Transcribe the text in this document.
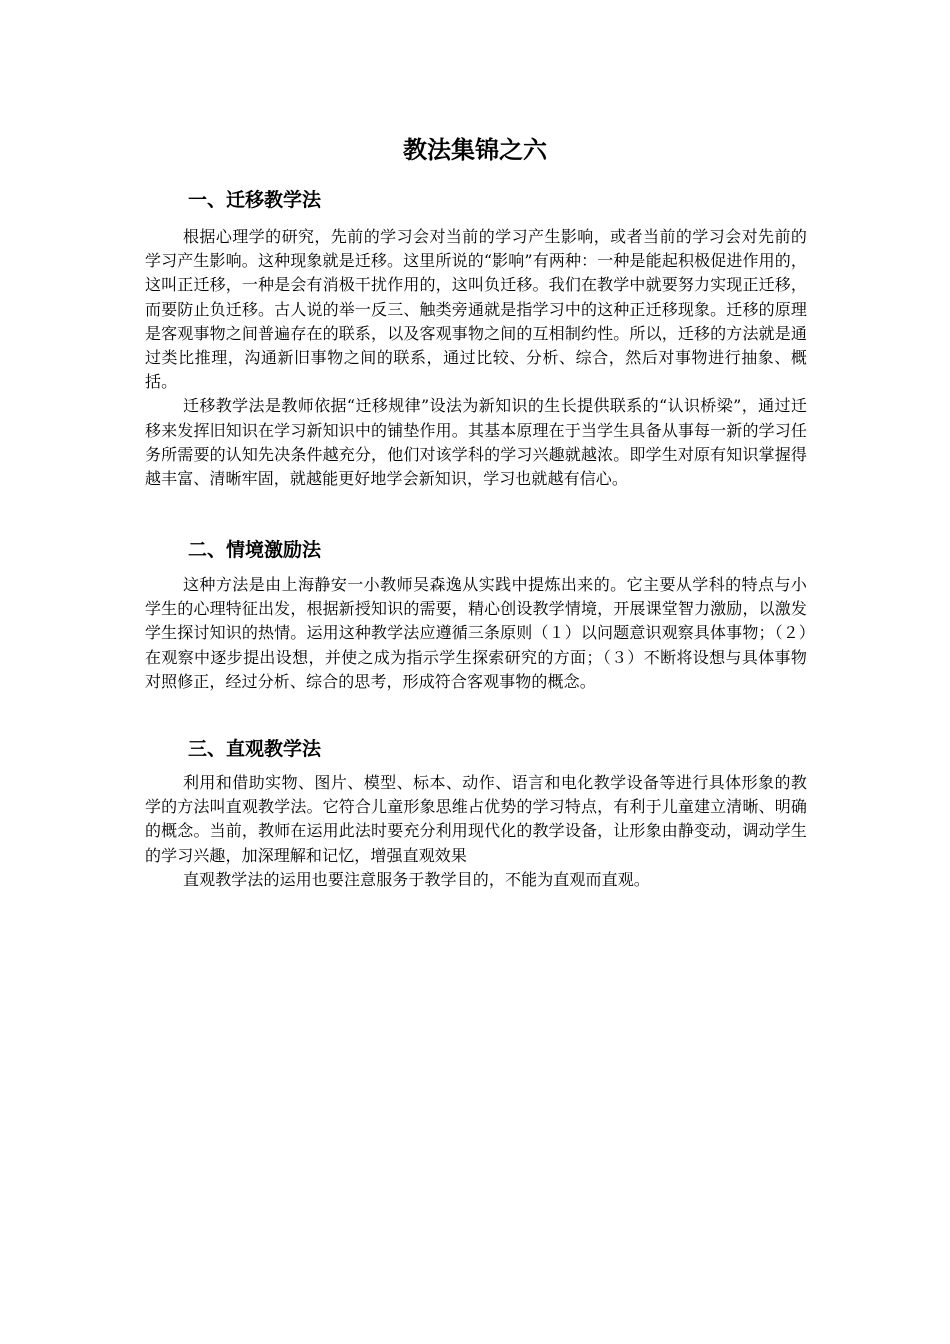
教法集锦之六
一、迁移教学法

根据心理学的研究，先前的学习会对当前的学习产生影响，或者当前的学习会对先前的学习产生影响。这种现象就是迁移。这里所说的“影响”有两种：一种是能起积极促进作用的，这叫正迁移，一种是会有消极干扰作用的，这叫负迁移。我们在教学中就要努力实现正迁移，而要防止负迁移。古人说的举一反三、触类旁通就是指学习中的这种正迁移现象。迁移的原理是客观事物之间普遍存在的联系，以及客观事物之间的互相制约性。所以，迁移的方法就是通过类比推理，沟通新旧事物之间的联系，通过比较、分析、综合，然后对事物进行抽象、概括。

迁移教学法是教师依据“迁移规律”设法为新知识的生长提供联系的“认识桥梁”，通过迁移来发挥旧知识在学习新知识中的铺垫作用。其基本原理在于当学生具备从事每一新的学习任务所需要的认知先决条件越充分，他们对该学科的学习兴趣就越浓。即学生对原有知识掌握得越丰富、清晰牢固，就越能更好地学会新知识，学习也就越有信心。

二、情境激励法

这种方法是由上海静安一小教师吴森逸从实践中提炼出来的。它主要从学科的特点与小学生的心理特征出发，根据新授知识的需要，精心创设教学情境，开展课堂智力激励，以激发学生探讨知识的热情。运用这种教学法应遵循三条原则（１）以问题意识观察具体事物；（２）在观察中逐步提出设想，并使之成为指示学生探索研究的方面；（３）不断将设想与具体事物对照修正，经过分析、综合的思考，形成符合客观事物的概念。

三、直观教学法

利用和借助实物、图片、模型、标本、动作、语言和电化教学设备等进行具体形象的教学的方法叫直观教学法。它符合儿童形象思维占优势的学习特点，有利于儿童建立清晰、明确的概念。当前，教师在运用此法时要充分利用现代化的教学设备，让形象由静变动，调动学生的学习兴趣，加深理解和记忆，增强直观效果

直观教学法的运用也要注意服务于教学目的，不能为直观而直观。
